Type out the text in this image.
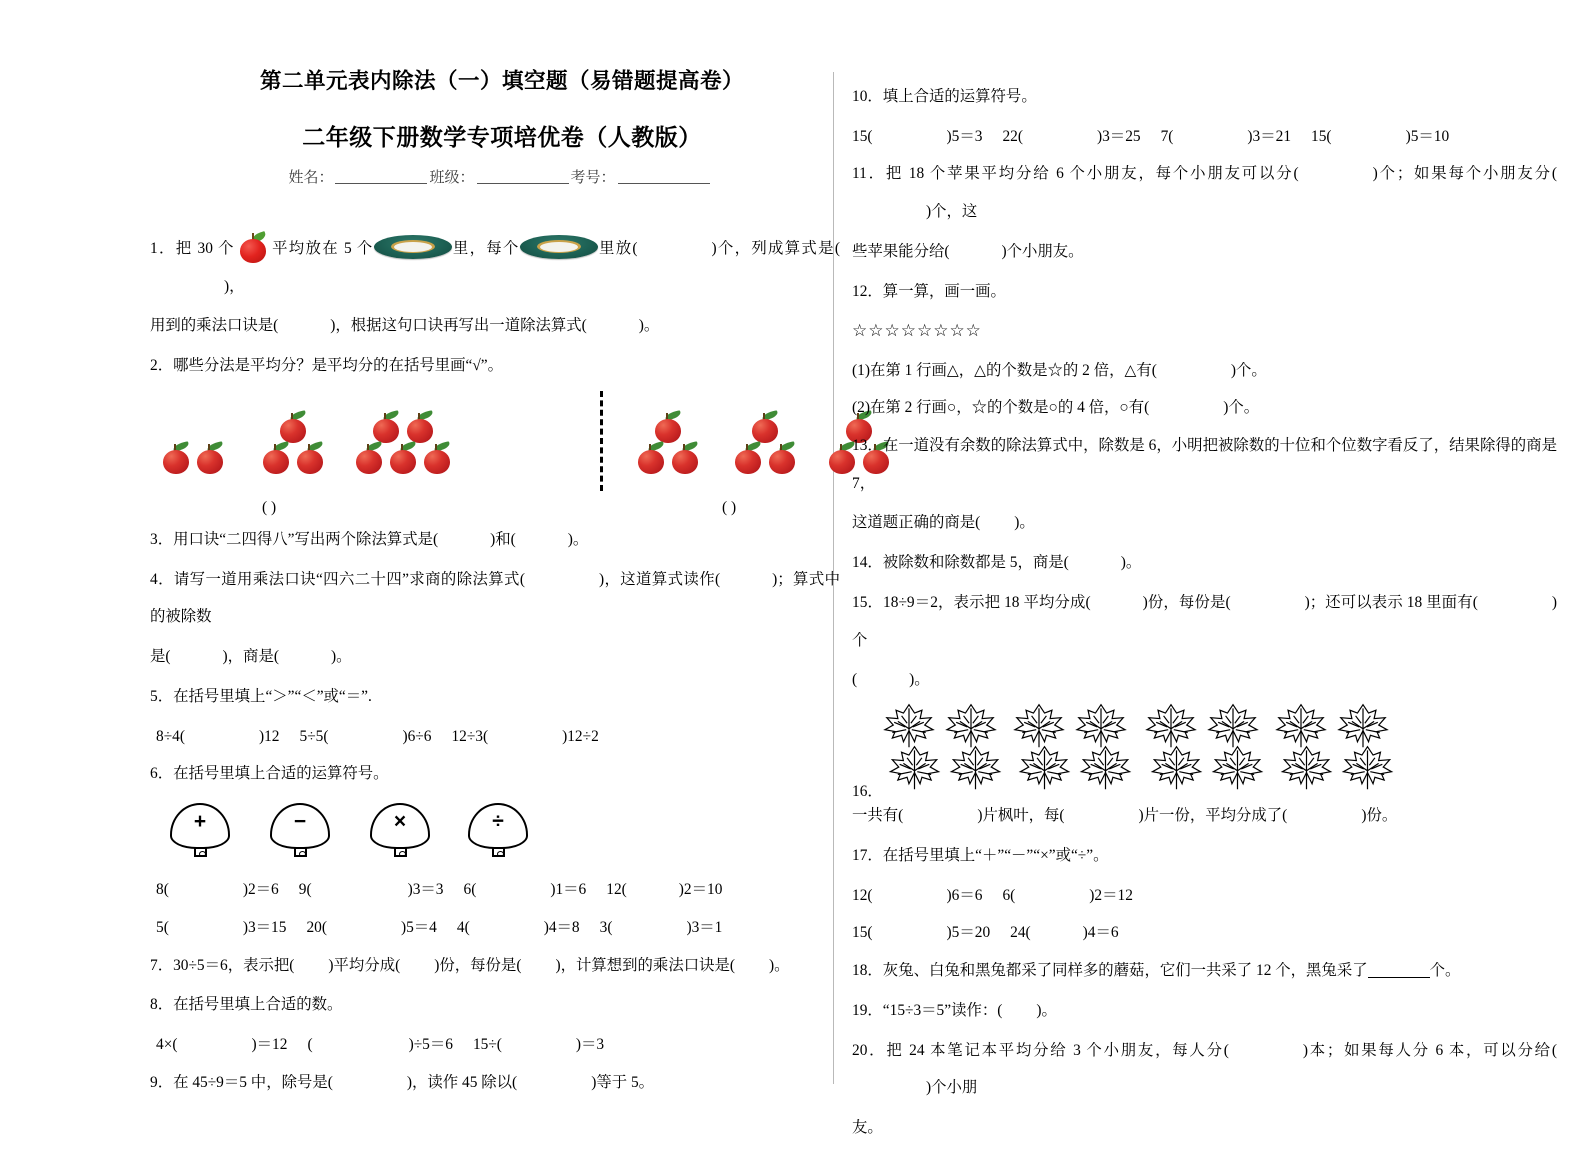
第二单元表内除法（一）填空题（易错题提高卷）
二年级下册数学专项培优卷（人教版）
姓名：	班级：	考号：
1．把 30 个 平均放在 5 个	里，每个	里放(	)个，列成算式是()，
用到的乘法口诀是(	)，根据这句口诀再写出一道除法算式(	)。
2．哪些分法是平均分？是平均分的在括号里画“√”。
( )	( )
3．用口诀“二四得八”写出两个除法算式是(	)和(	)。
4．请写一道用乘法口诀“四六二十四”求商的除法算式(	)，这道算式读作(	)；算式中的被除数
是(	)，商是(	)。
5．在括号里填上“＞”“＜”或“＝”.
8÷4(	)12 5÷5(	)6÷6 12÷3(	)12÷2
6．在括号里填上合适的运算符号。
+	−	×	÷
8(	)2＝6 9(	)3＝3 6(	)1＝6 12(	)2＝10
5(	)3＝15 20(	)5＝4 4(	)4＝8 3(	)3＝1
7．30÷5＝6，表示把( )平均分成( )份，每份是( )，计算想到的乘法口诀是( )。
8．在括号里填上合适的数。
4×(	)＝12 (	)÷5＝6 15÷(	)＝3
9．在 45÷9＝5 中，除号是(	)，读作 45 除以(	)等于 5。
10．填上合适的运算符号。
15(	)5＝3 22(	)3＝25 7(	)3＝21 15(	)5＝10
11．把 18 个苹果平均分给 6 个小朋友，每个小朋友可以分(	)个；如果每个小朋友分()个，这
些苹果能分给(	)个小朋友。
12．算一算，画一画。
☆☆☆☆☆☆☆☆
(1)在第 1 行画△，△的个数是☆的 2 倍，△有(	)个。
(2)在第 2 行画○，☆的个数是○的 4 倍，○有(	)个。
13．在一道没有余数的除法算式中，除数是 6，小明把被除数的十位和个位数字看反了，结果除得的商是 7，
这道题正确的商是( )。
14．被除数和除数都是 5，商是(	)。
15．18÷9＝2，表示把 18 平均分成(	)份，每份是(	)；还可以表示 18 里面有(	)个
(	)。
16．
一共有(	)片枫叶，每(	)片一份，平均分成了(	)份。
17．在括号里填上“＋”“－”“×”或“÷”。
12(	)6＝6 6(	)2＝12
15(	)5＝20 24(	)4＝6
18．灰兔、白兔和黑兔都采了同样多的蘑菇，它们一共采了 12 个，黑兔采了	个。
19．“15÷3＝5”读作：( )。
20．把 24 本笔记本平均分给 3 个小朋友，每人分(	)本；如果每人分 6 本，可以分给()个小朋
友。
